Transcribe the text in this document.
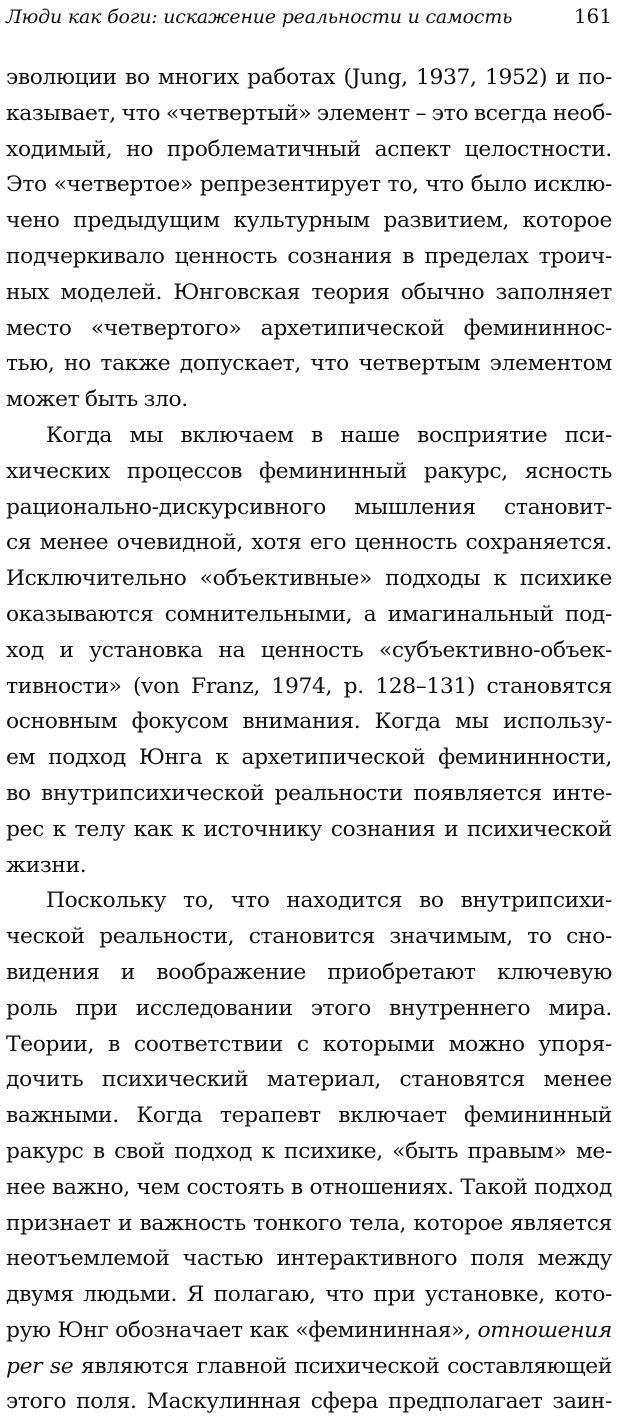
Люди как боги: искажение реальности и самость	161
эволюции во многих работах (Jung, 1937, 1952) и по-
казывает, что «четвертый» элемент – это всегда необ-
ходимый, но проблематичный аспект целостности.
Это «четвертое» репрезентирует то, что было исклю-
чено предыдущим культурным развитием, которое
подчеркивало ценность сознания в пределах троич-
ных моделей. Юнговская теория обычно заполняет
место «четвертого» архетипической фемининнос-
тью, но также допускает, что четвертым элементом
может быть зло.
Когда мы включаем в наше восприятие пси-
хических процессов фемининный ракурс, ясность
рационально-дискурсивного мышления становит-
ся менее очевидной, хотя его ценность сохраняется.
Исключительно «объективные» подходы к психике
оказываются сомнительными, а имагинальный под-
ход и установка на ценность «субъективно-объек-
тивности» (von Franz, 1974, p. 128–131) становятся
основным фокусом внимания. Когда мы использу-
ем подход Юнга к архетипической фемининности,
во внутрипсихической реальности появляется инте-
рес к телу как к источнику сознания и психической
жизни.
Поскольку то, что находится во внутрипсихи-
ческой реальности, становится значимым, то сно-
видения и воображение приобретают ключевую
роль при исследовании этого внутреннего мира.
Теории, в соответствии с которыми можно упоря-
дочить психический материал, становятся менее
важными. Когда терапевт включает фемининный
ракурс в свой подход к психике, «быть правым» ме-
нее важно, чем состоять в отношениях. Такой подход
признает и важность тонкого тела, которое является
неотъемлемой частью интерактивного поля между
двумя людьми. Я полагаю, что при установке, кото-
рую Юнг обозначает как «фемининная», отношения
per se являются главной психической составляющей
этого поля. Маскулинная сфера предполагает заин-
